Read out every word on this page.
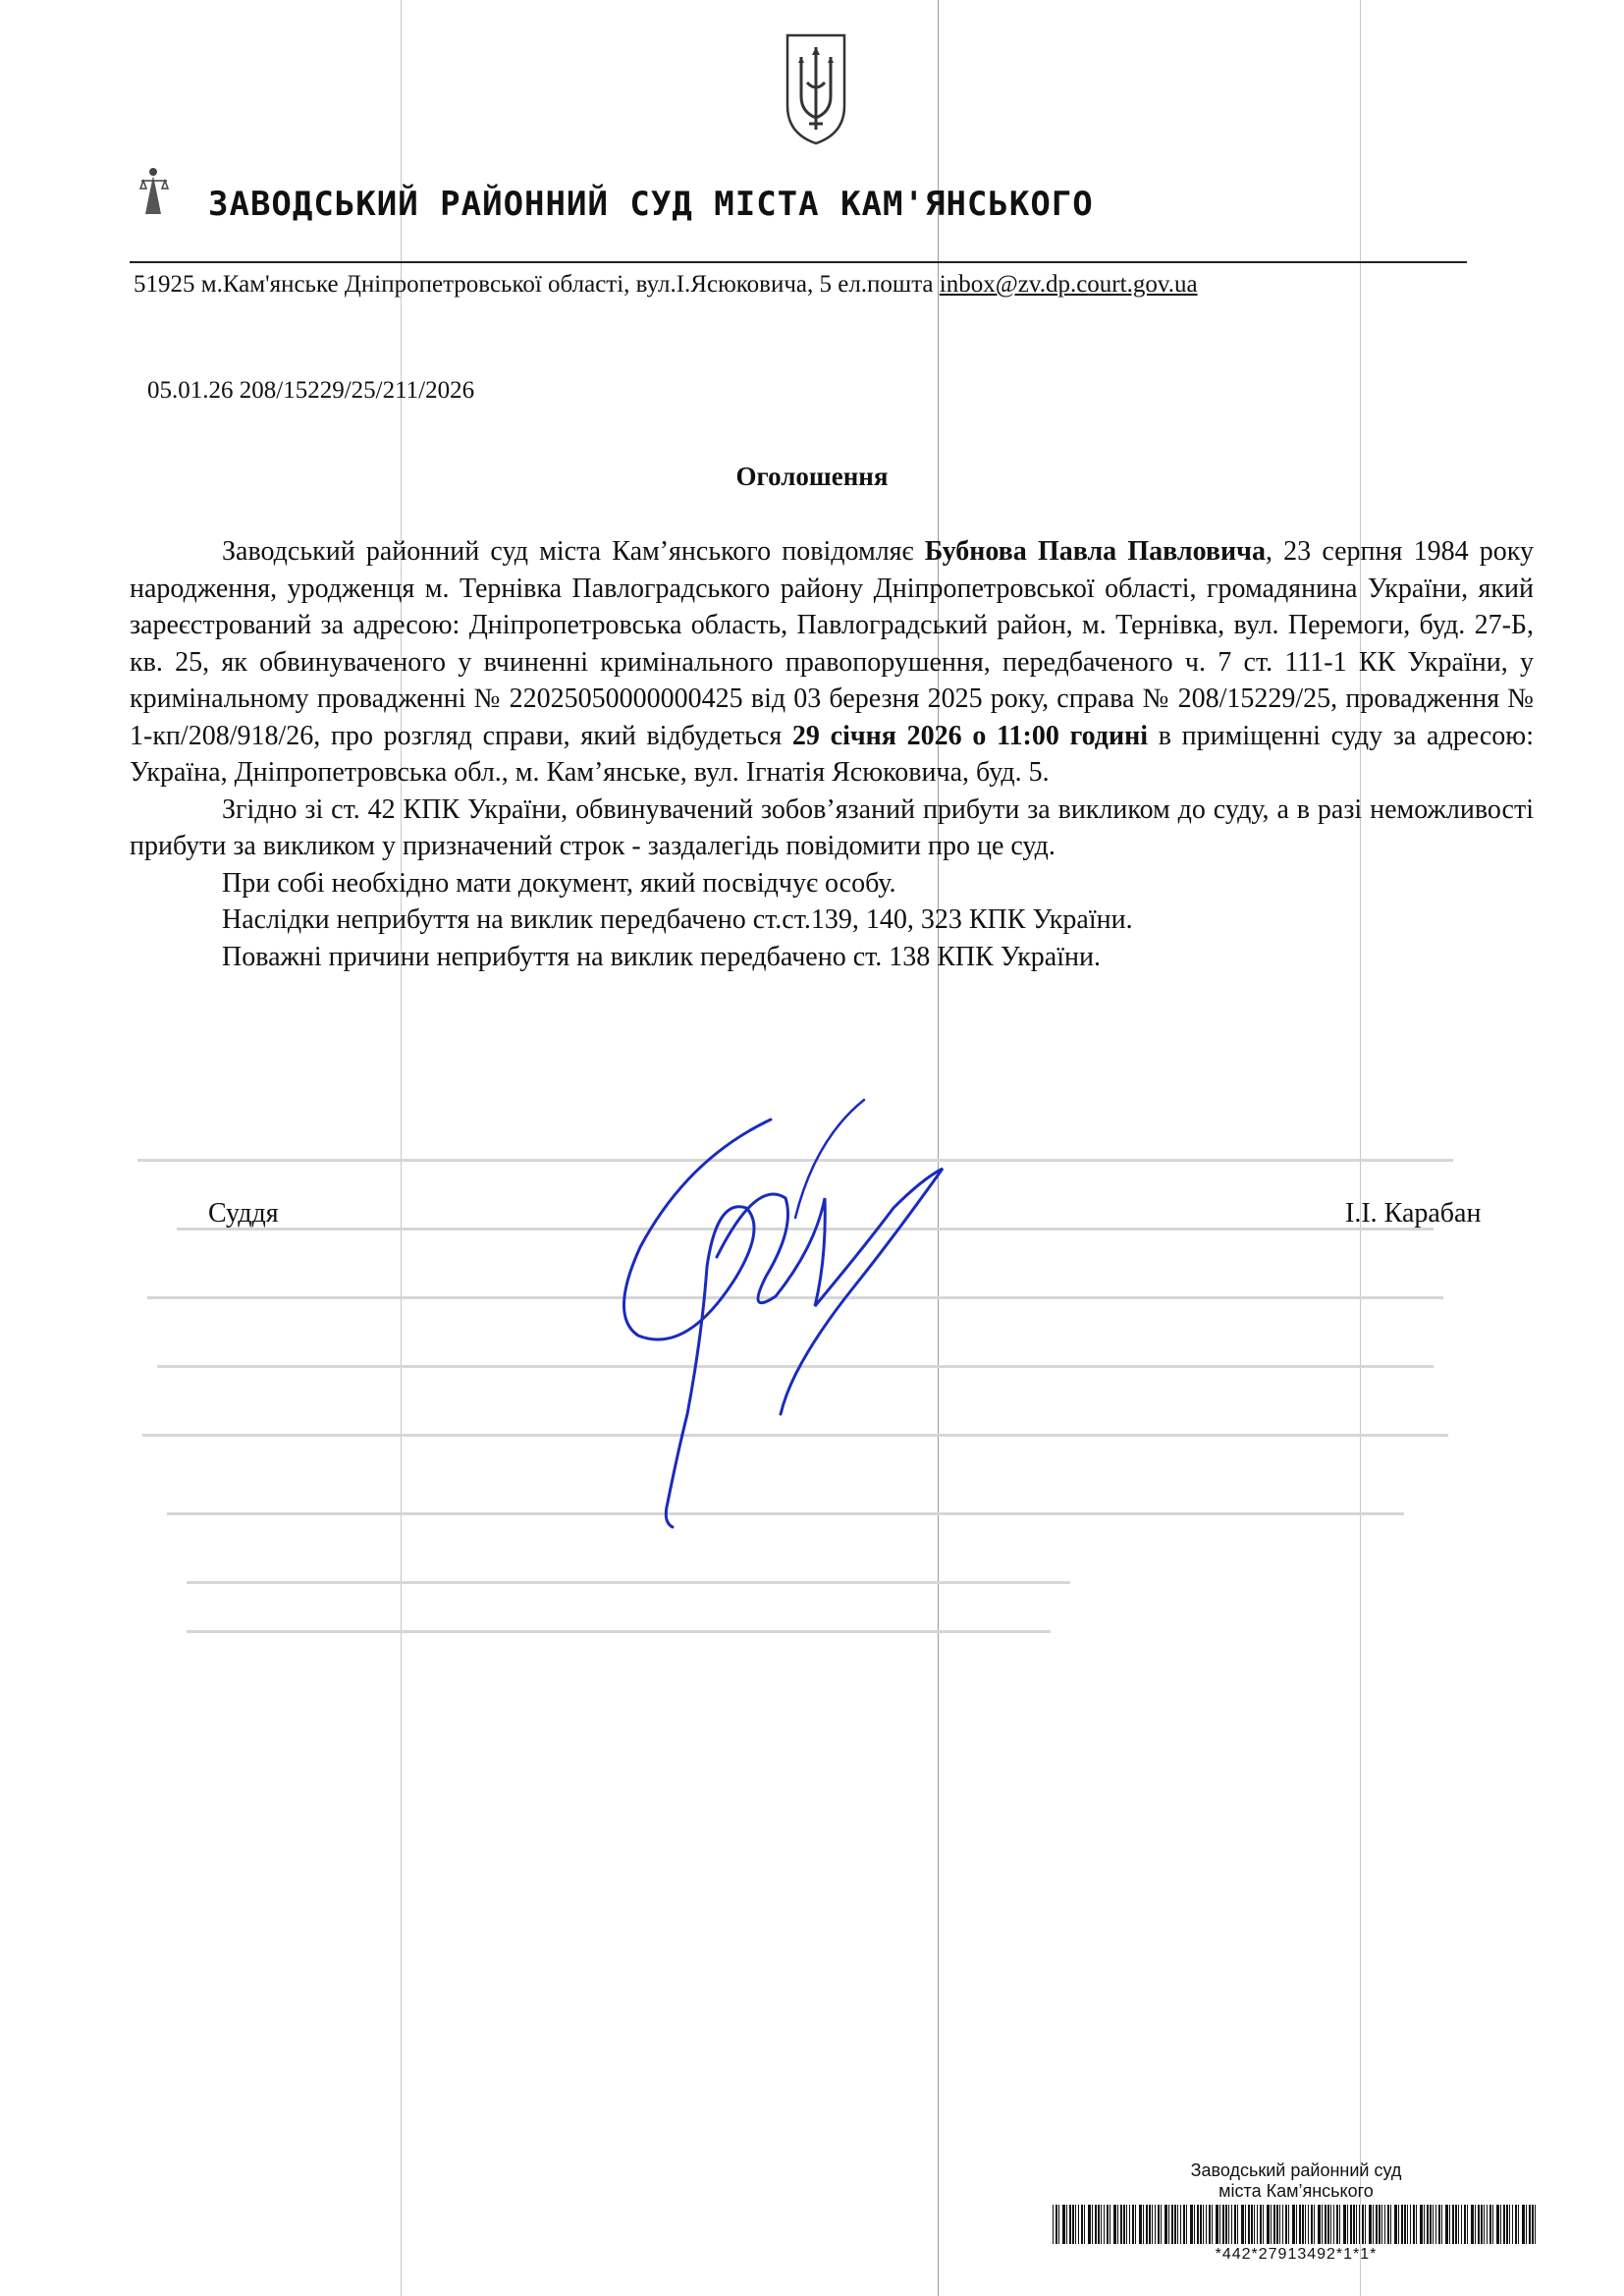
ЗАВОДСЬКИЙ РАЙОННИЙ СУД МІСТА КАМ'ЯНСЬКОГО
51925 м.Кам'янське Дніпропетровської області, вул.І.Ясюковича, 5 ел.пошта inbox@zv.dp.court.gov.ua
05.01.26 208/15229/25/211/2026
Оголошення

Заводський районний суд міста Кам’янського повідомляє Бубнова Павла Павловича, 23 серпня 1984 року народження, уродженця м. Тернівка Павлоградського району Дніпропетровської області, громадянина України, який зареєстрований за адресою: Дніпропетровська область, Павлоградський район, м. Тернівка, вул. Перемоги, буд. 27-Б, кв. 25, як обвинуваченого у вчиненні кримінального правопорушення, передбаченого ч. 7 ст. 111-1 КК України, у кримінальному провадженні № 22025050000000425 від 03 березня 2025 року, справа № 208/15229/25, провадження № 1-кп/208/918/26, про розгляд справи, який відбудеться 29 січня 2026 о 11:00 годині в приміщенні суду за адресою: Україна, Дніпропетровська обл., м. Кам’янське, вул. Ігнатія Ясюковича, буд. 5.

Згідно зі ст. 42 КПК України, обвинувачений зобов’язаний прибути за викликом до суду, а в разі неможливості прибути за викликом у призначений строк - заздалегідь повідомити про це суд.

При собі необхідно мати документ, який посвідчує особу.

Наслідки неприбуття на виклик передбачено ст.ст.139, 140, 323 КПК України.

Поважні причини неприбуття на виклик передбачено ст. 138 КПК України.

Суддя	І.І. Карабан
Заводський районний суд
міста Кам’янського
*442*27913492*1*1*
